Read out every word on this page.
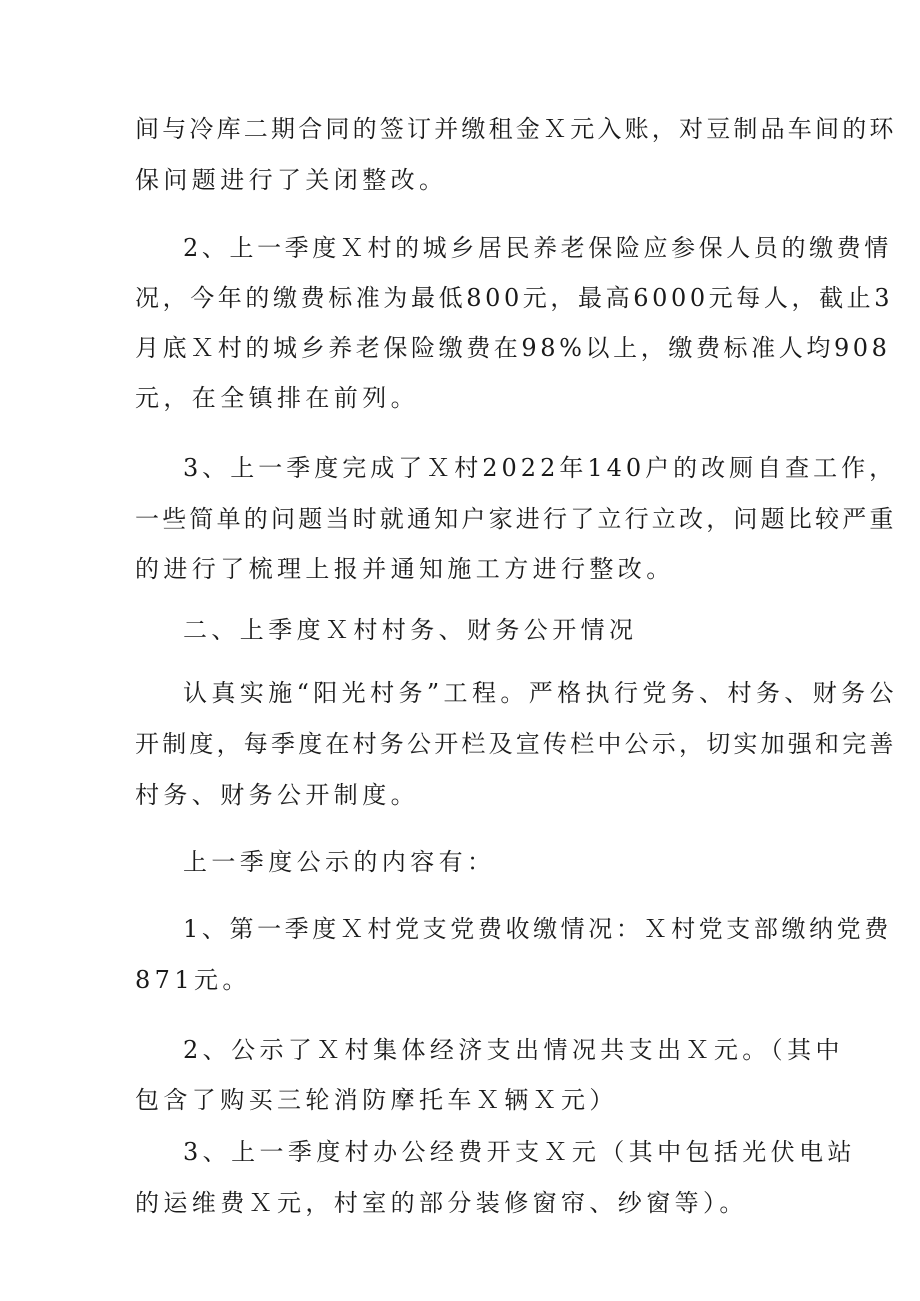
间与冷库二期合同的签订并缴租金Ｘ元入账，对豆制品车间的环
保问题进行了关闭整改。
2、上一季度Ｘ村的城乡居民养老保险应参保人员的缴费情
况，今年的缴费标准为最低800元，最高6000元每人，截止3
月底Ｘ村的城乡养老保险缴费在98%以上，缴费标准人均908
元，在全镇排在前列。
3、上一季度完成了Ｘ村2022年140户的改厕自查工作，
一些简单的问题当时就通知户家进行了立行立改，问题比较严重
的进行了梳理上报并通知施工方进行整改。
二、上季度Ｘ村村务、财务公开情况
认真实施“阳光村务”工程。严格执行党务、村务、财务公
开制度，每季度在村务公开栏及宣传栏中公示，切实加强和完善
村务、财务公开制度。
上一季度公示的内容有：
1、第一季度Ｘ村党支党费收缴情况：Ｘ村党支部缴纳党费
871元。
2、公示了Ｘ村集体经济支出情况共支出Ｘ元。（其中
包含了购买三轮消防摩托车Ｘ辆Ｘ元）
3、上一季度村办公经费开支Ｘ元（其中包括光伏电站
的运维费Ｘ元，村室的部分装修窗帘、纱窗等）。
